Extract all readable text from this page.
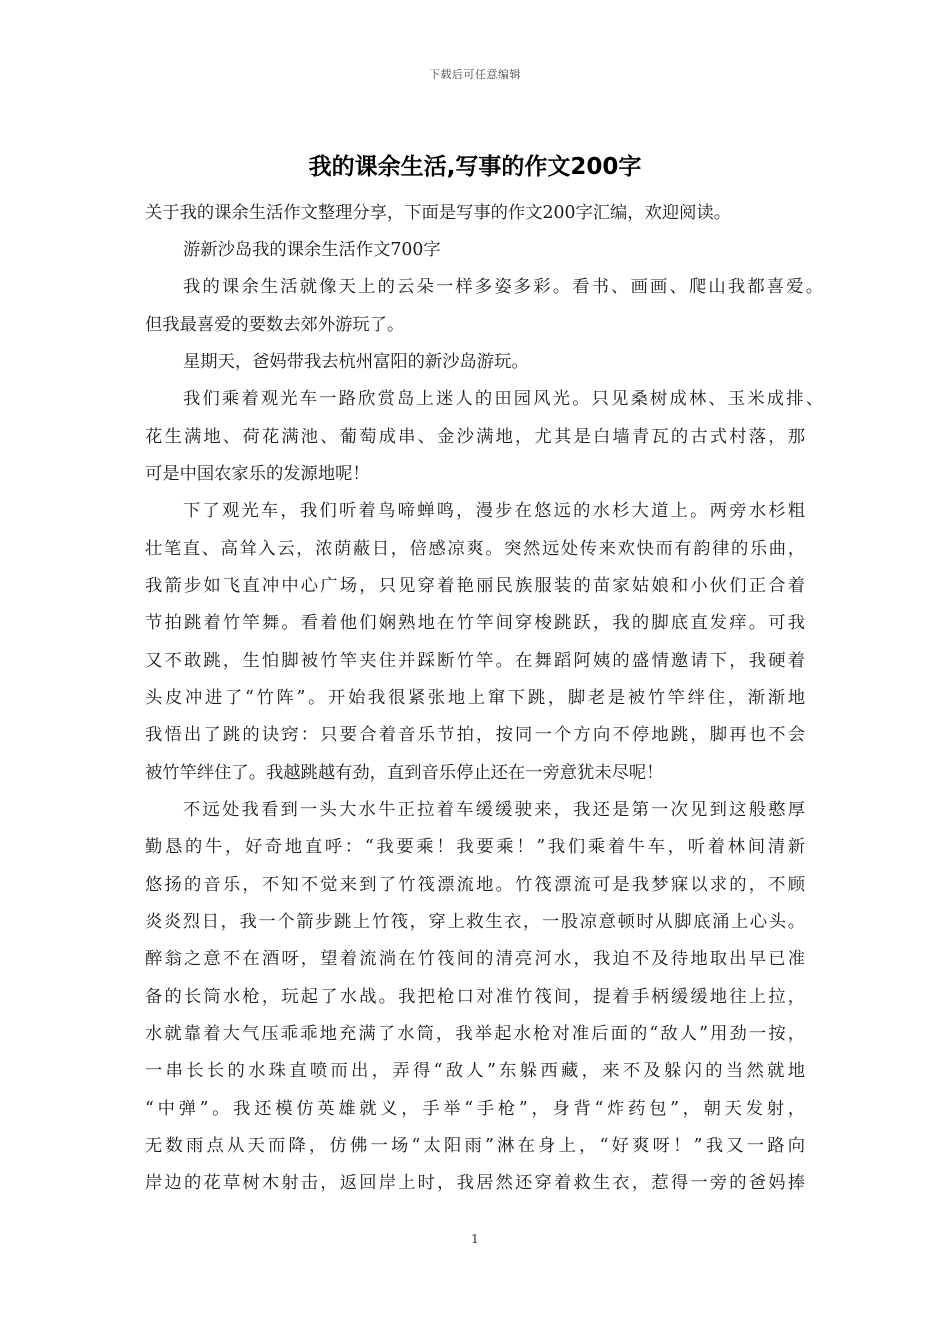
下载后可任意编辑
我的课余生活,写事的作文200字
关于我的课余生活作文整理分享，下面是写事的作文200字汇编，欢迎阅读。
游新沙岛我的课余生活作文700字
我的课余生活就像天上的云朵一样多姿多彩。看书、画画、爬山我都喜爱。
但我最喜爱的要数去郊外游玩了。
星期天，爸妈带我去杭州富阳的新沙岛游玩。
我们乘着观光车一路欣赏岛上迷人的田园风光。只见桑树成林、玉米成排、
花生满地、荷花满池、葡萄成串、金沙满地，尤其是白墙青瓦的古式村落，那
可是中国农家乐的发源地呢！
下了观光车，我们听着鸟啼蝉鸣，漫步在悠远的水杉大道上。两旁水杉粗
壮笔直、高耸入云，浓荫蔽日，倍感凉爽。突然远处传来欢快而有韵律的乐曲，
我箭步如飞直冲中心广场，只见穿着艳丽民族服装的苗家姑娘和小伙们正合着
节拍跳着竹竿舞。看着他们娴熟地在竹竿间穿梭跳跃，我的脚底直发痒。可我
又不敢跳，生怕脚被竹竿夹住并踩断竹竿。在舞蹈阿姨的盛情邀请下，我硬着
头皮冲进了“竹阵”。开始我很紧张地上窜下跳，脚老是被竹竿绊住，渐渐地
我悟出了跳的诀窍：只要合着音乐节拍，按同一个方向不停地跳，脚再也不会
被竹竿绊住了。我越跳越有劲，直到音乐停止还在一旁意犹未尽呢！
不远处我看到一头大水牛正拉着车缓缓驶来，我还是第一次见到这般憨厚
勤恳的牛，好奇地直呼：“我要乘！我要乘！”我们乘着牛车，听着林间清新
悠扬的音乐，不知不觉来到了竹筏漂流地。竹筏漂流可是我梦寐以求的，不顾
炎炎烈日，我一个箭步跳上竹筏，穿上救生衣，一股凉意顿时从脚底涌上心头。
醉翁之意不在酒呀，望着流淌在竹筏间的清亮河水，我迫不及待地取出早已准
备的长筒水枪，玩起了水战。我把枪口对准竹筏间，提着手柄缓缓地往上拉，
水就靠着大气压乖乖地充满了水筒，我举起水枪对准后面的“敌人”用劲一按，
一串长长的水珠直喷而出，弄得“敌人”东躲西藏，来不及躲闪的当然就地
“中弹”。我还模仿英雄就义，手举“手枪”，身背“炸药包”，朝天发射，
无数雨点从天而降，仿佛一场“太阳雨”淋在身上，“好爽呀！”我又一路向
岸边的花草树木射击，返回岸上时，我居然还穿着救生衣，惹得一旁的爸妈捧
1
